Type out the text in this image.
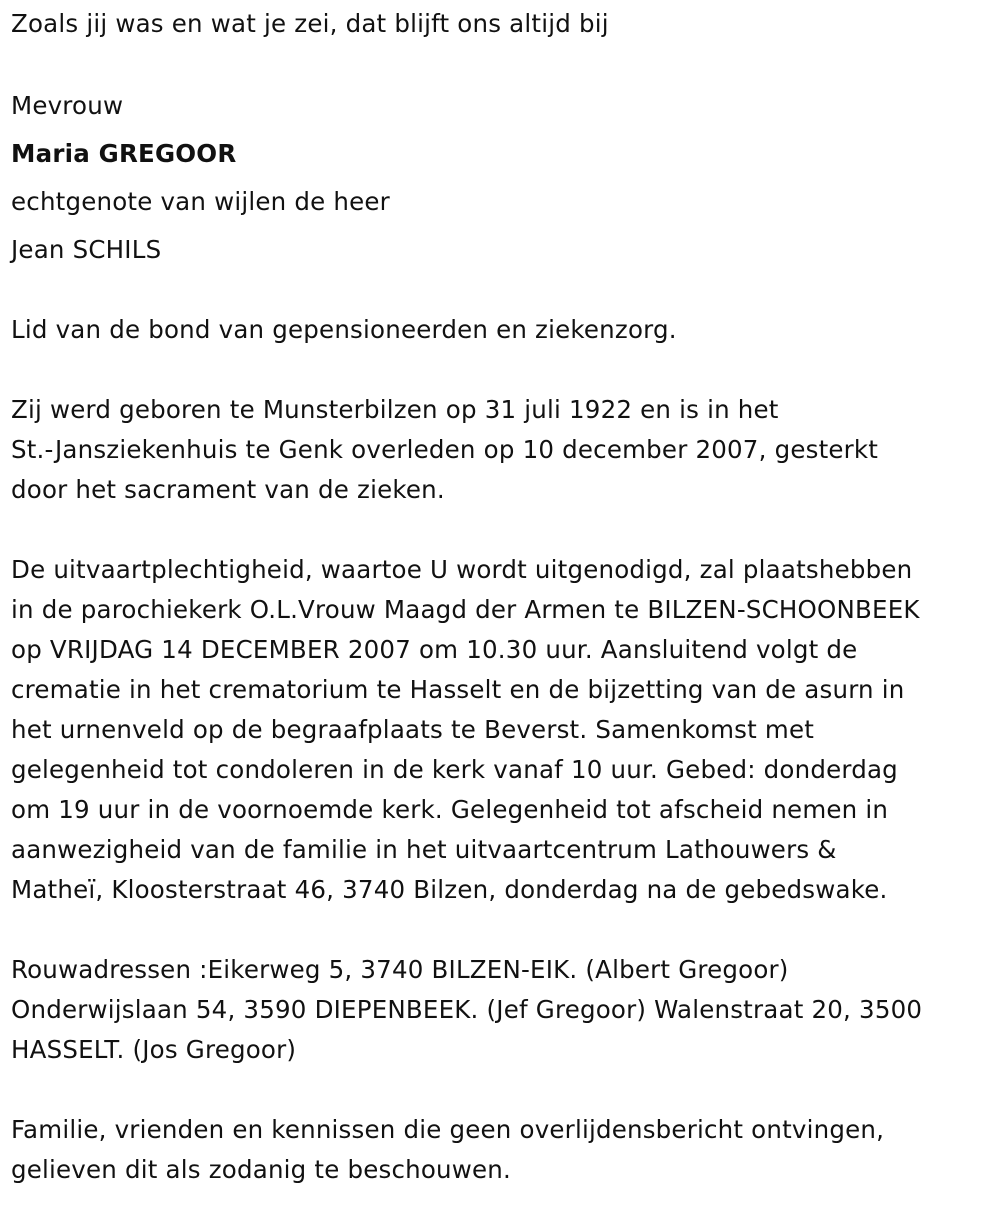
Zoals jij was en wat je zei, dat blijft ons altijd bij
Mevrouw
Maria GREGOOR
echtgenote van wijlen de heer
Jean SCHILS
Lid van de bond van gepensioneerden en ziekenzorg.
Zij werd geboren te Munsterbilzen op 31 juli 1922 en is in het
St.-Jansziekenhuis te Genk overleden op 10 december 2007, gesterkt
door het sacrament van de zieken.
De uitvaartplechtigheid, waartoe U wordt uitgenodigd, zal plaatshebben
in de parochiekerk O.L.Vrouw Maagd der Armen te BILZEN-SCHOONBEEK
op VRIJDAG 14 DECEMBER 2007 om 10.30 uur. Aansluitend volgt de
crematie in het crematorium te Hasselt en de bijzetting van de asurn in
het urnenveld op de begraafplaats te Beverst. Samenkomst met
gelegenheid tot condoleren in de kerk vanaf 10 uur. Gebed: donderdag
om 19 uur in de voornoemde kerk. Gelegenheid tot afscheid nemen in
aanwezigheid van de familie in het uitvaartcentrum Lathouwers &
Matheï, Kloosterstraat 46, 3740 Bilzen, donderdag na de gebedswake.
Rouwadressen :Eikerweg 5, 3740 BILZEN-EIK. (Albert Gregoor)
Onderwijslaan 54, 3590 DIEPENBEEK. (Jef Gregoor) Walenstraat 20, 3500
HASSELT. (Jos Gregoor)
Familie, vrienden en kennissen die geen overlijdensbericht ontvingen,
gelieven dit als zodanig te beschouwen.
